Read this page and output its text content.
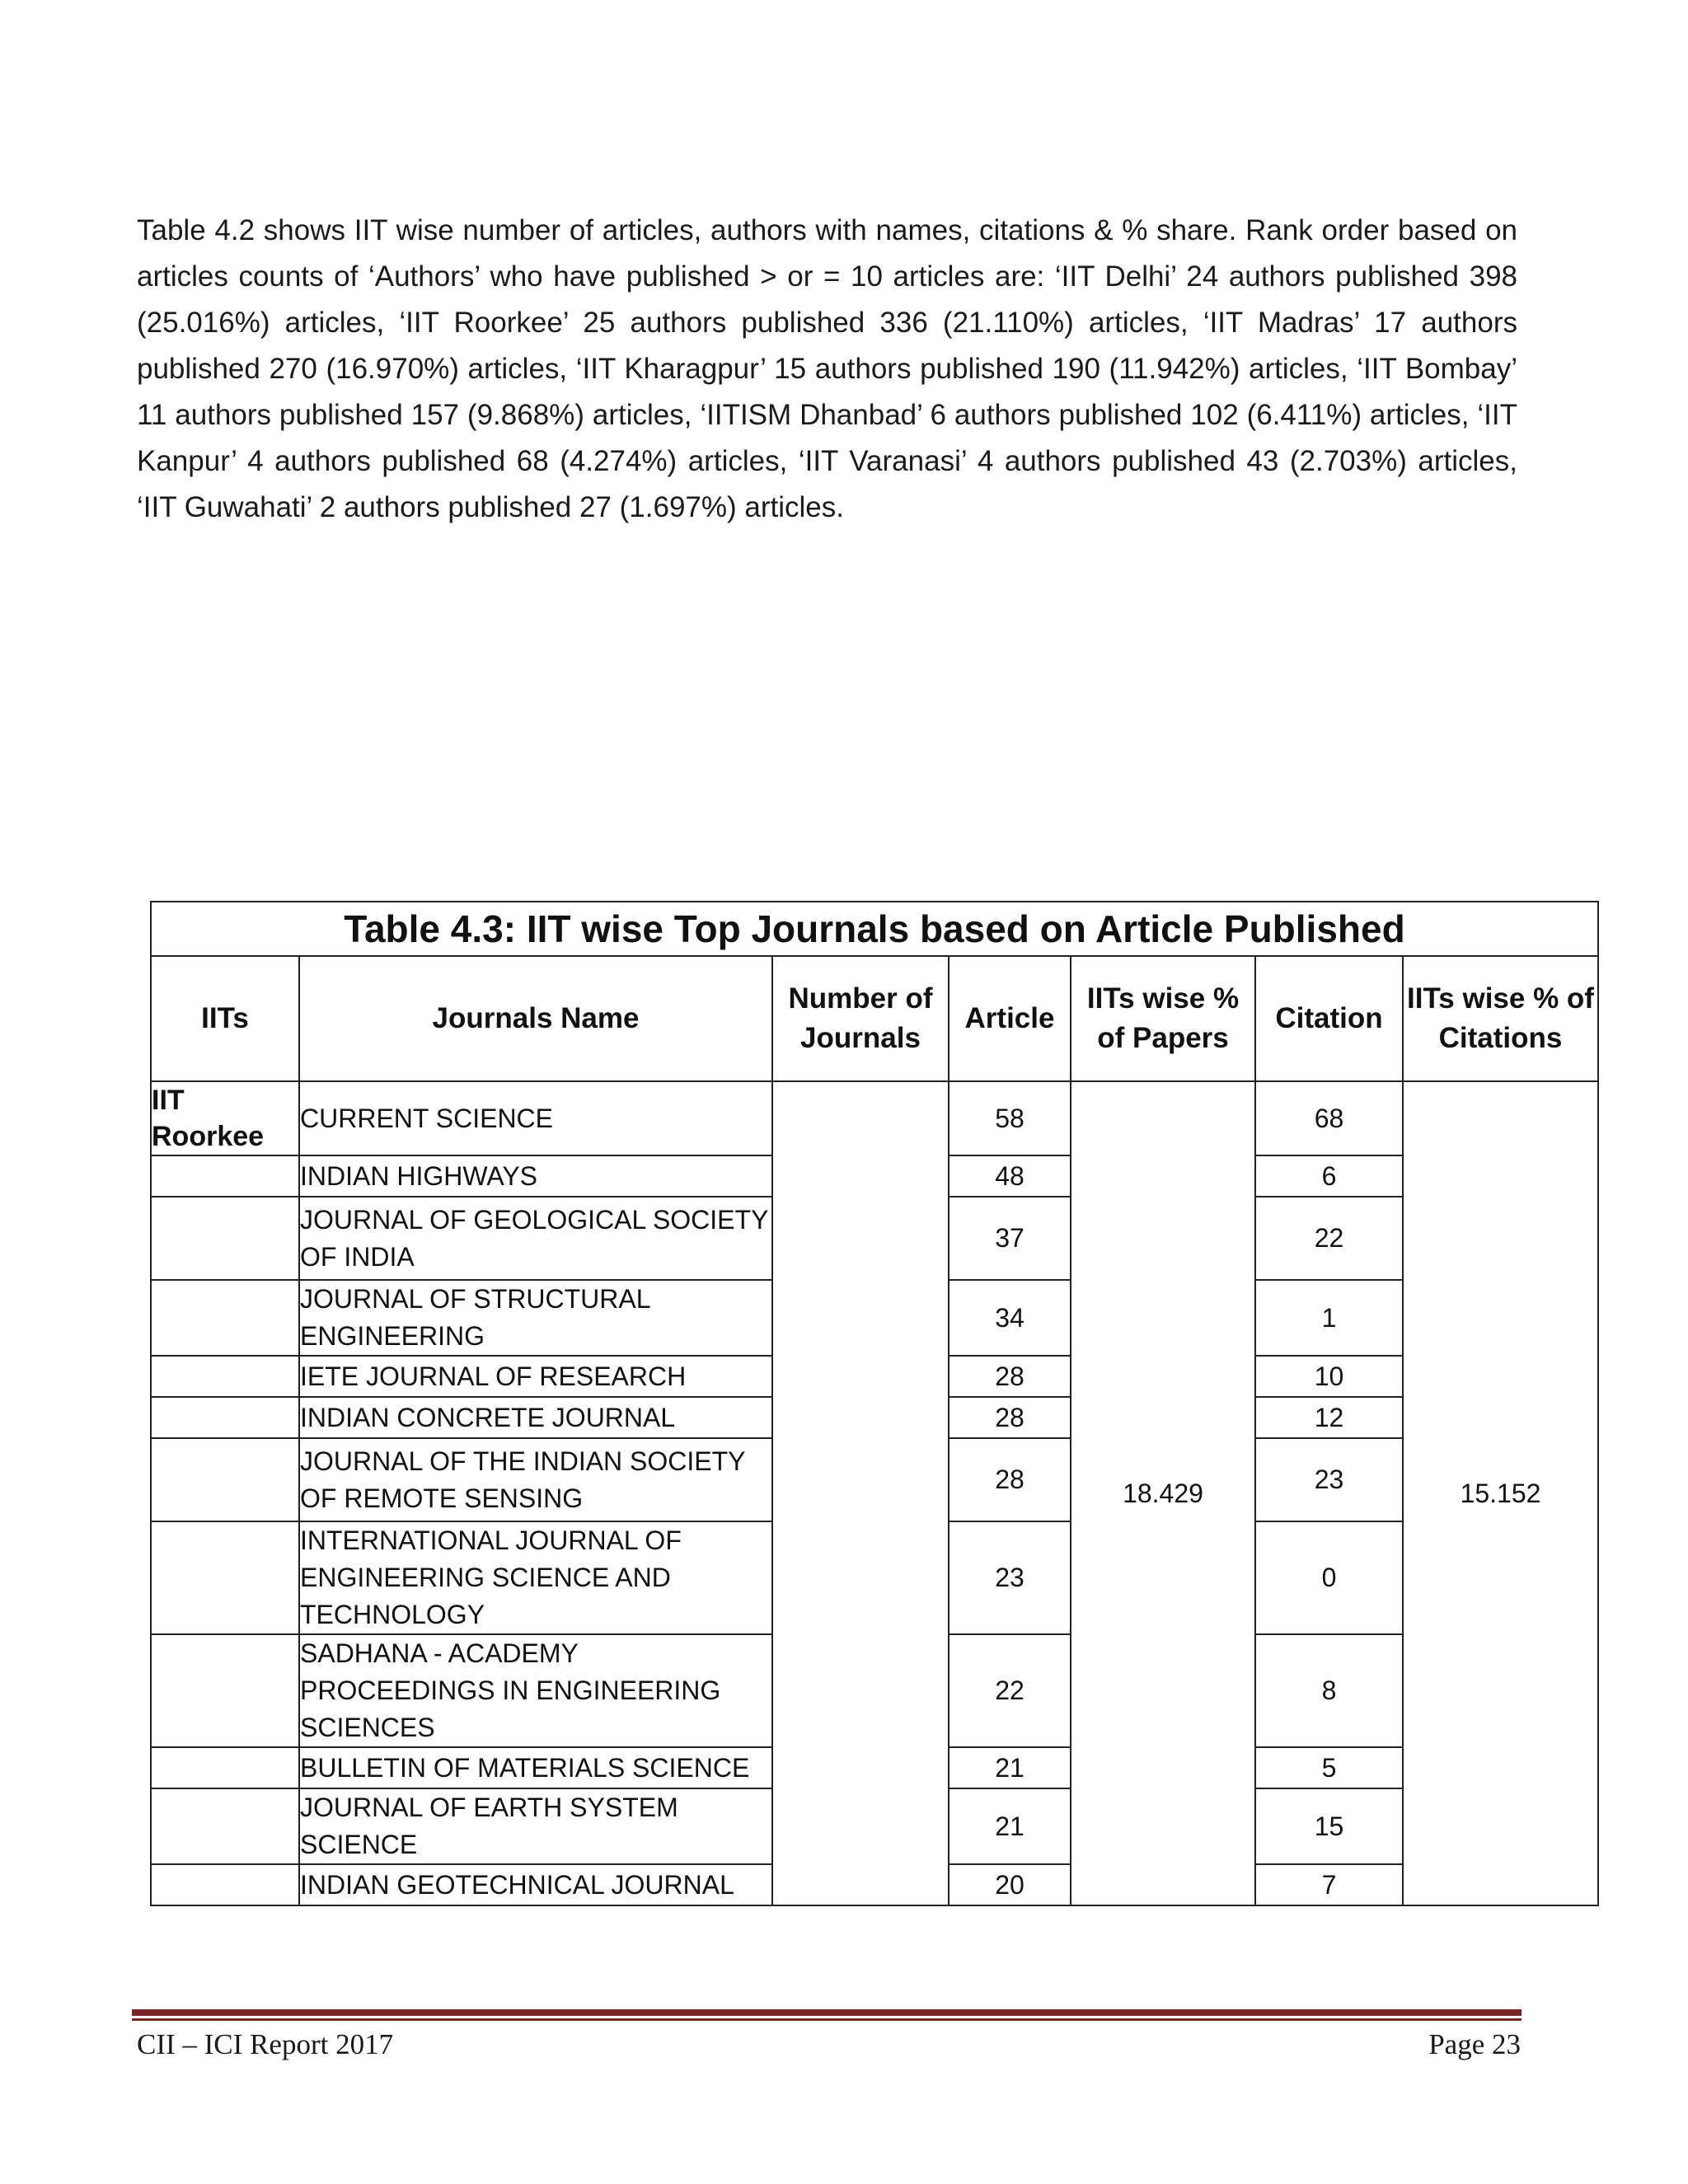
Table 4.2 shows IIT wise number of articles, authors with names, citations & % share. Rank order based on articles counts of ‘Authors’ who have published > or = 10 articles are: ‘IIT Delhi’ 24 authors published 398 (25.016%) articles, ‘IIT Roorkee’ 25 authors published 336 (21.110%) articles, ‘IIT Madras’ 17 authors published 270 (16.970%) articles, ‘IIT Kharagpur’ 15 authors published 190 (11.942%) articles, ‘IIT Bombay’ 11 authors published 157 (9.868%) articles, ‘IITISM Dhanbad’ 6 authors published 102 (6.411%) articles, ‘IIT Kanpur’ 4 authors published 68 (4.274%) articles, ‘IIT Varanasi’ 4 authors published 43 (2.703%) articles, ‘IIT Guwahati’ 2 authors published 27 (1.697%) articles.

Table 4.3: IIT wise Top Journals based on Article Published						
IITs	Journals Name	Number of Journals	Article	IITs wise % of Papers	Citation	IITs wise % of Citations
IIT Roorkee	CURRENT SCIENCE		58	18.429	68	15.152
	INDIAN HIGHWAYS		48		6	
	JOURNAL OF GEOLOGICAL SOCIETY OF INDIA		37		22	
	JOURNAL OF STRUCTURAL ENGINEERING		34		1	
	IETE JOURNAL OF RESEARCH		28		10	
	INDIAN CONCRETE JOURNAL		28		12	
	JOURNAL OF THE INDIAN SOCIETY OF REMOTE SENSING		28		23	
	INTERNATIONAL JOURNAL OF ENGINEERING SCIENCE AND TECHNOLOGY		23		0	
	SADHANA - ACADEMY PROCEEDINGS IN ENGINEERING SCIENCES		22		8	
	BULLETIN OF MATERIALS SCIENCE		21		5	
	JOURNAL OF EARTH SYSTEM SCIENCE		21		15	
	INDIAN GEOTECHNICAL JOURNAL		20		7	
CII – ICI Report 2017	Page 23
